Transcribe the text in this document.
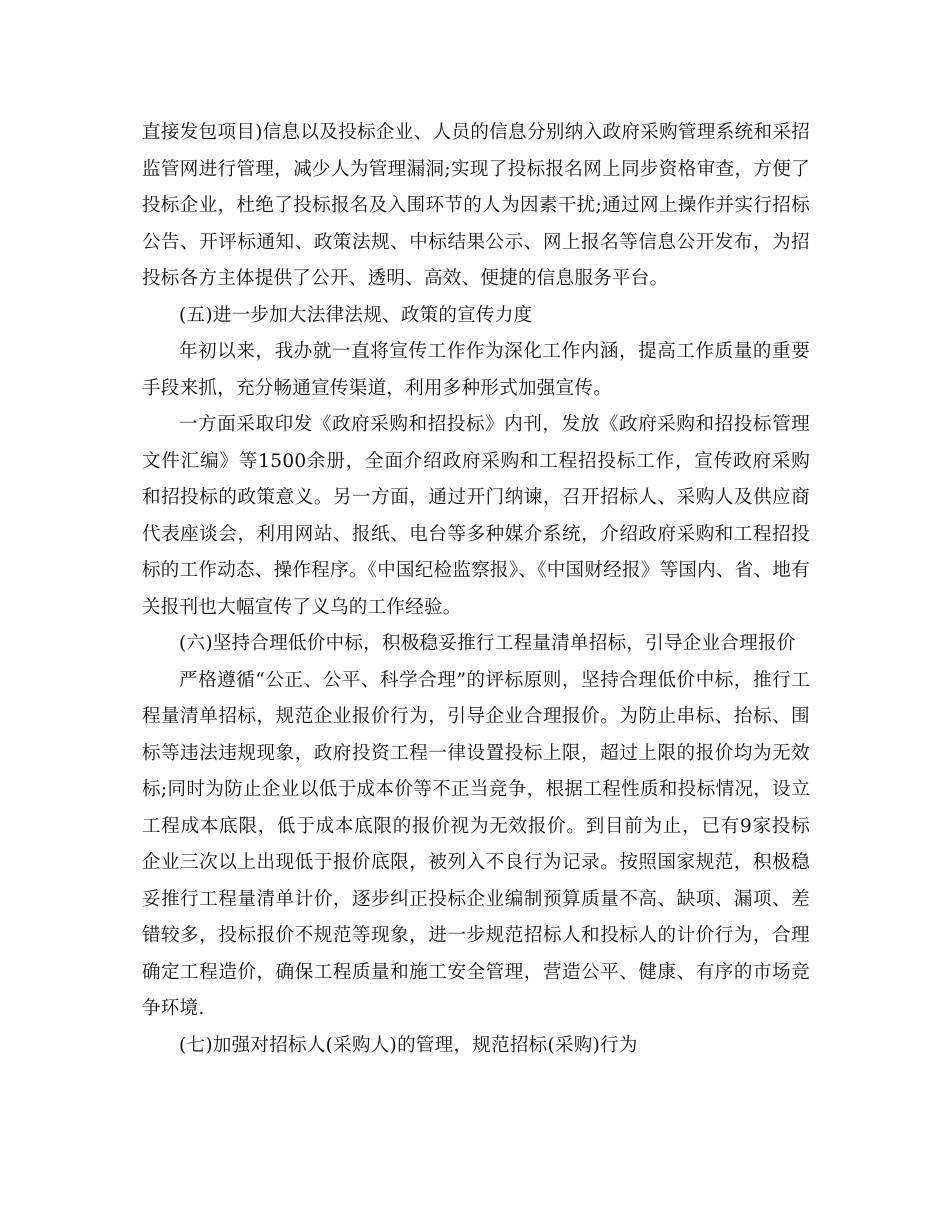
直接发包项目)信息以及投标企业、人员的信息分别纳入政府采购管理系统和采招监管网进行管理，减少人为管理漏洞;实现了投标报名网上同步资格审查，方便了投标企业，杜绝了投标报名及入围环节的人为因素干扰;通过网上操作并实行招标公告、开评标通知、政策法规、中标结果公示、网上报名等信息公开发布，为招投标各方主体提供了公开、透明、高效、便捷的信息服务平台。

(五)进一步加大法律法规、政策的宣传力度

年初以来，我办就一直将宣传工作作为深化工作内涵，提高工作质量的重要手段来抓，充分畅通宣传渠道，利用多种形式加强宣传。

一方面采取印发《政府采购和招投标》内刊，发放《政府采购和招投标管理文件汇编》等1500余册，全面介绍政府采购和工程招投标工作，宣传政府采购和招投标的政策意义。另一方面，通过开门纳谏，召开招标人、采购人及供应商代表座谈会，利用网站、报纸、电台等多种媒介系统，介绍政府采购和工程招投标的工作动态、操作程序。《中国纪检监察报》、《中国财经报》等国内、省、地有关报刊也大幅宣传了义乌的工作经验。

(六)坚持合理低价中标，积极稳妥推行工程量清单招标，引导企业合理报价

严格遵循“公正、公平、科学合理”的评标原则，坚持合理低价中标，推行工程量清单招标，规范企业报价行为，引导企业合理报价。为防止串标、抬标、围标等违法违规现象，政府投资工程一律设置投标上限，超过上限的报价均为无效标;同时为防止企业以低于成本价等不正当竞争，根据工程性质和投标情况，设立工程成本底限，低于成本底限的报价视为无效报价。到目前为止，已有9家投标企业三次以上出现低于报价底限，被列入不良行为记录。按照国家规范，积极稳妥推行工程量清单计价，逐步纠正投标企业编制预算质量不高、缺项、漏项、差错较多，投标报价不规范等现象，进一步规范招标人和投标人的计价行为，合理确定工程造价，确保工程质量和施工安全管理，营造公平、健康、有序的市场竞争环境.

(七)加强对招标人(采购人)的管理，规范招标(采购)行为
